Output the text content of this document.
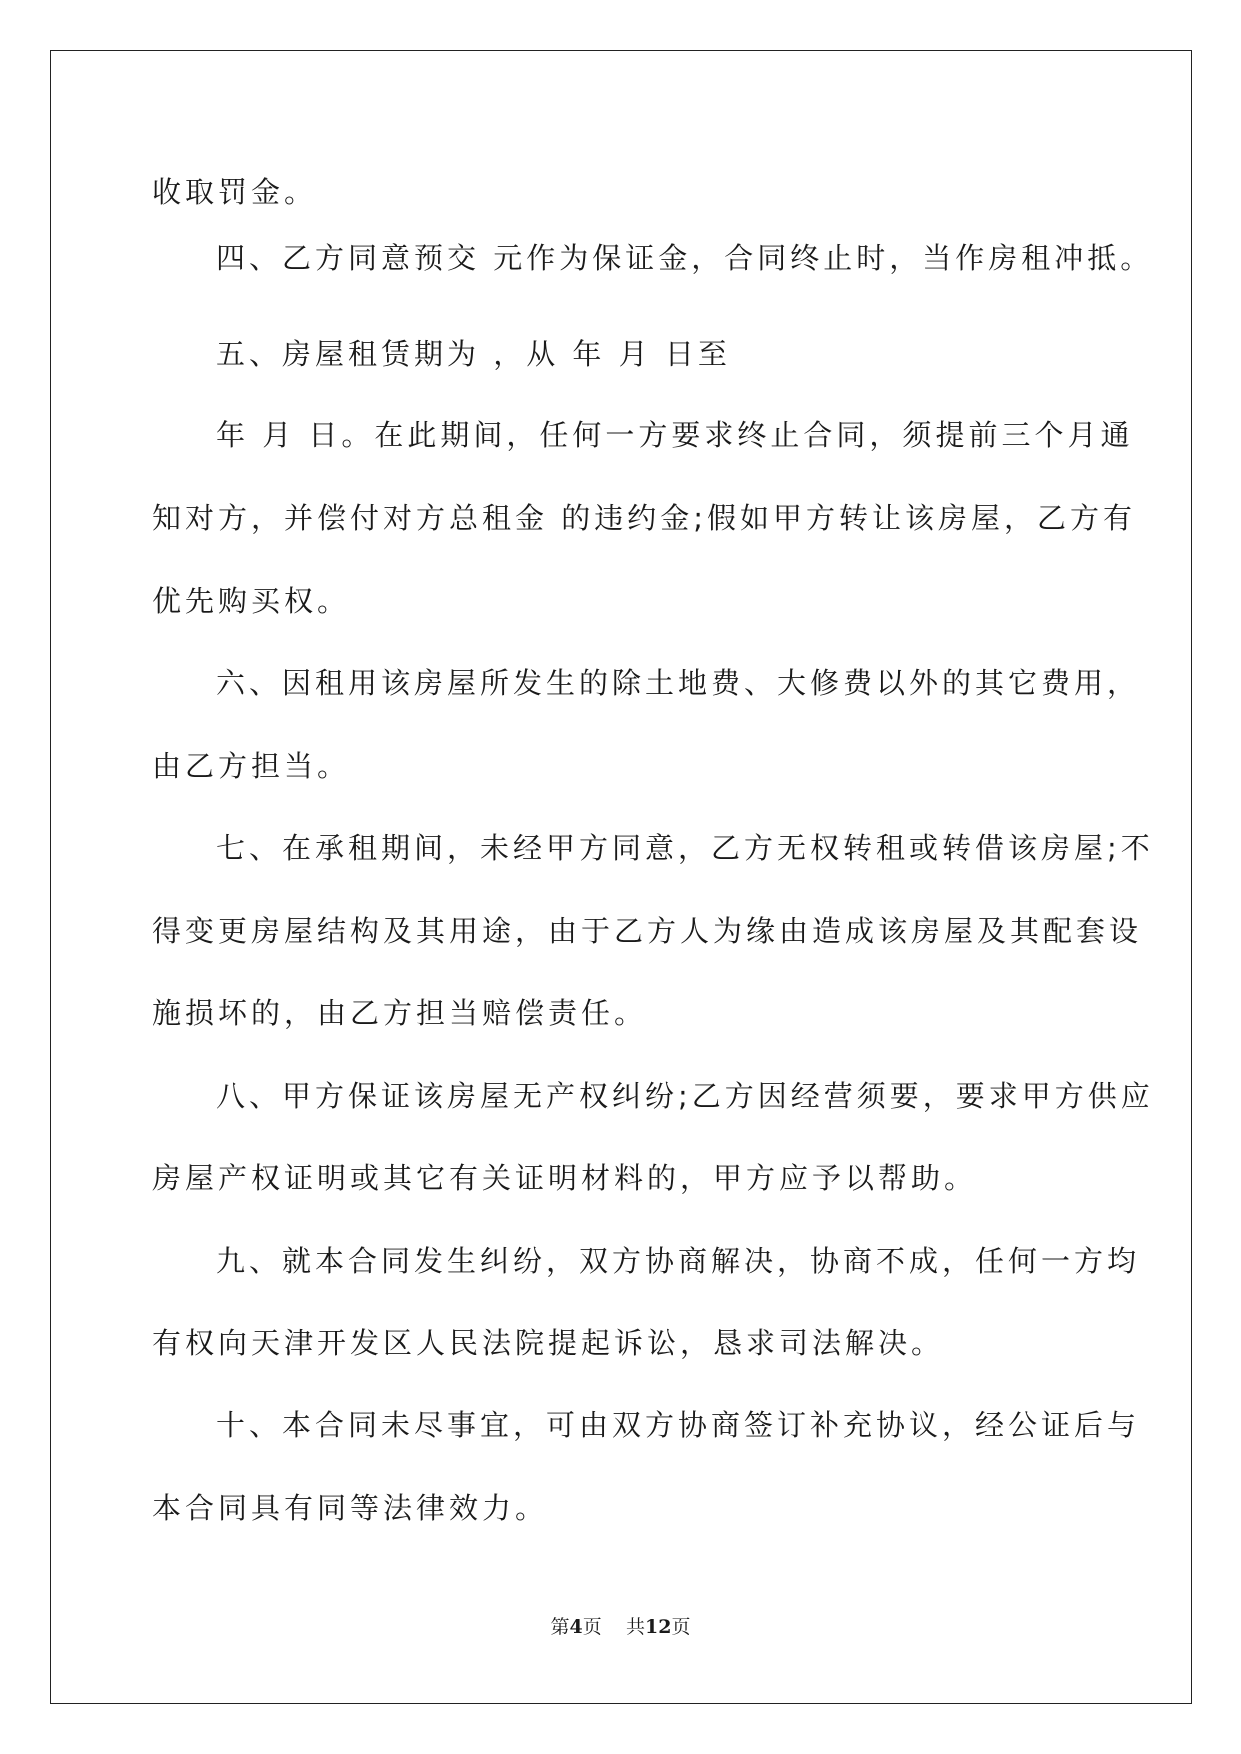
收取罚金。
四、乙方同意预交 元作为保证金，合同终止时，当作房租冲抵。
五、房屋租赁期为 ，从 年 月 日至
年 月 日。在此期间，任何一方要求终止合同，须提前三个月通
知对方，并偿付对方总租金 的违约金;假如甲方转让该房屋，乙方有
优先购买权。
六、因租用该房屋所发生的除土地费、大修费以外的其它费用，
由乙方担当。
七、在承租期间，未经甲方同意，乙方无权转租或转借该房屋;不
得变更房屋结构及其用途，由于乙方人为缘由造成该房屋及其配套设
施损坏的，由乙方担当赔偿责任。
八、甲方保证该房屋无产权纠纷;乙方因经营须要，要求甲方供应
房屋产权证明或其它有关证明材料的，甲方应予以帮助。
九、就本合同发生纠纷，双方协商解决，协商不成，任何一方均
有权向天津开发区人民法院提起诉讼，恳求司法解决。
十、本合同未尽事宜，可由双方协商签订补充协议，经公证后与
本合同具有同等法律效力。
第4页 共12页
